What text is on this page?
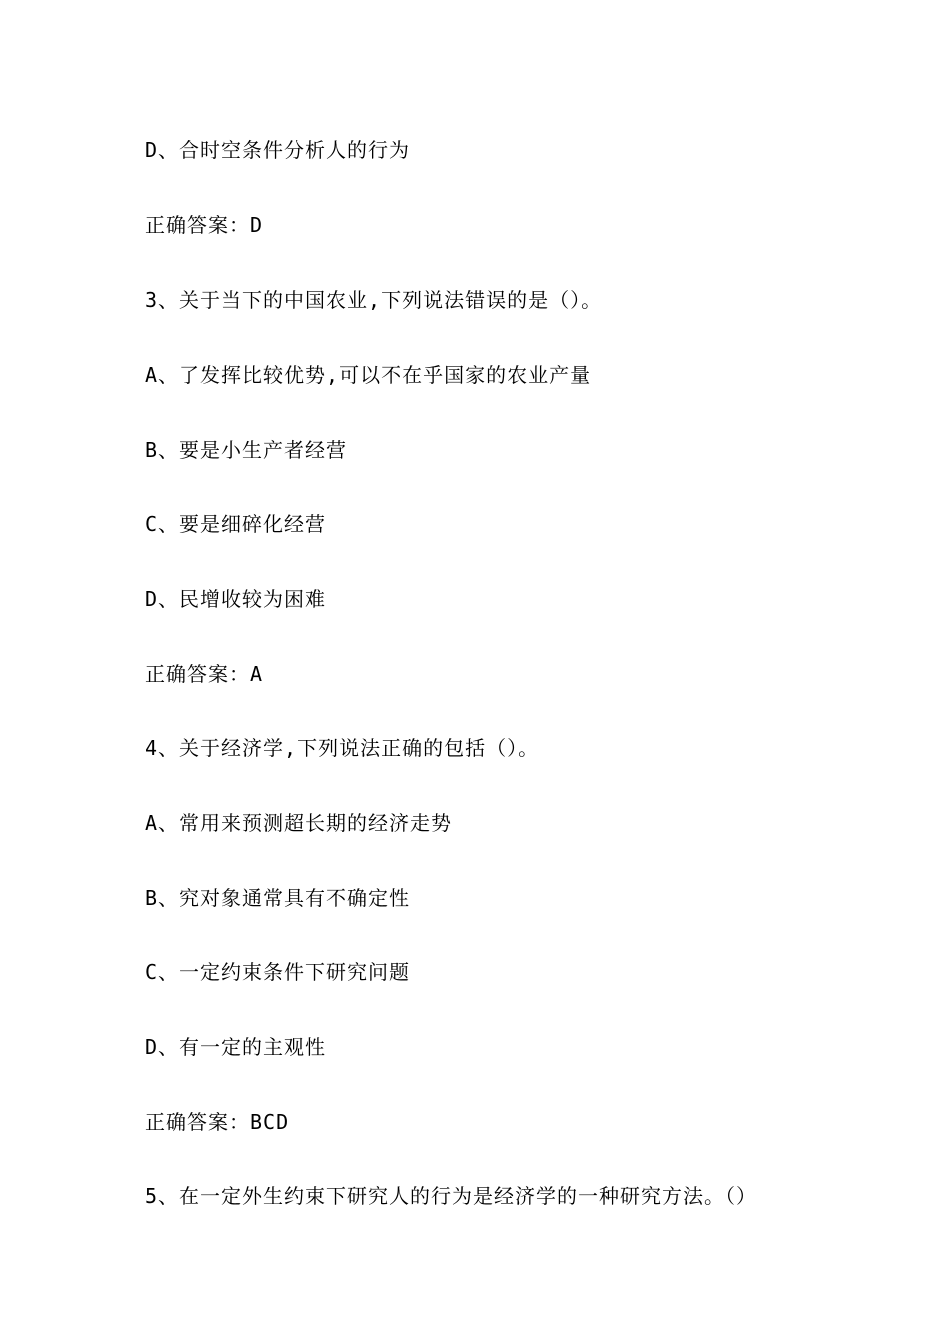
D、合时空条件分析人的行为
正确答案：D
3、关于当下的中国农业,下列说法错误的是（）。
A、了发挥比较优势,可以不在乎国家的农业产量
B、要是小生产者经营
C、要是细碎化经营
D、民增收较为困难
正确答案：A
4、关于经济学,下列说法正确的包括（）。
A、常用来预测超长期的经济走势
B、究对象通常具有不确定性
C、一定约束条件下研究问题
D、有一定的主观性
正确答案：BCD
5、在一定外生约束下研究人的行为是经济学的一种研究方法。（）
